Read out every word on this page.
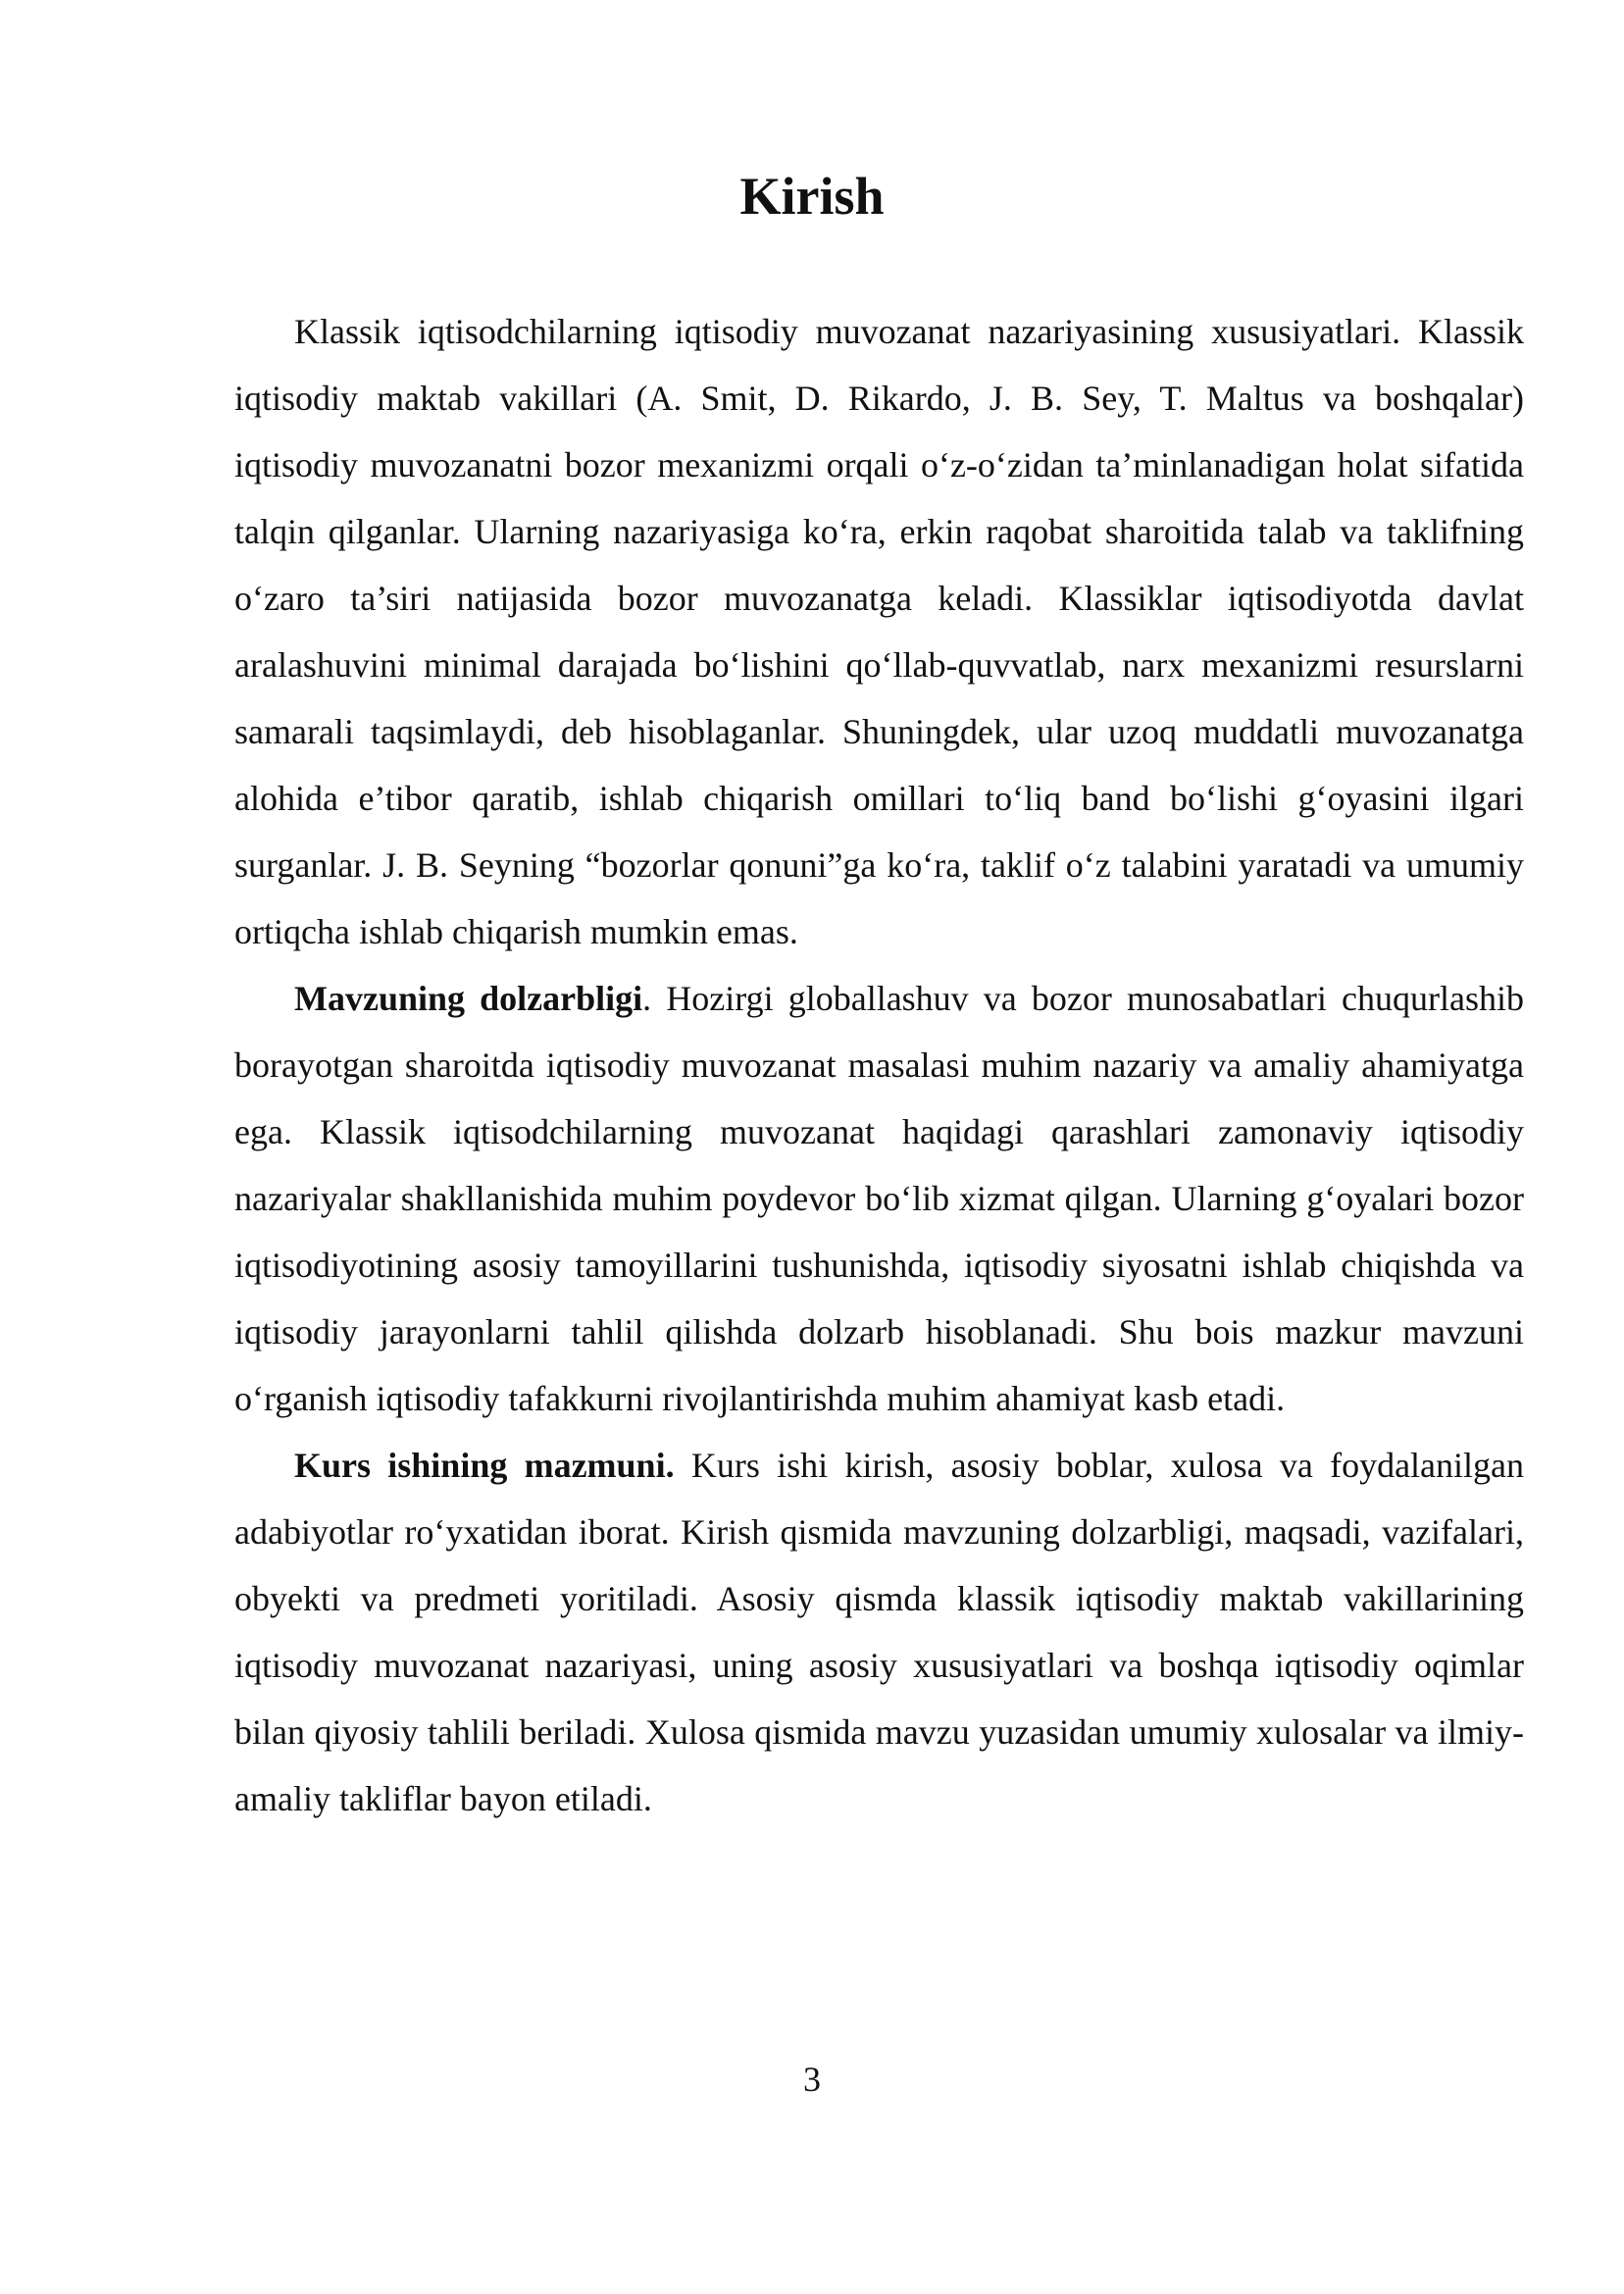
Kirish

Klassik iqtisodchilarning iqtisodiy muvozanat nazariyasining xususiyatlari. Klassik iqtisodiy maktab vakillari (A. Smit, D. Rikardo, J. B. Sey, T. Maltus va boshqalar) iqtisodiy muvozanatni bozor mexanizmi orqali o‘z-o‘zidan ta’minlanadigan holat sifatida talqin qilganlar. Ularning nazariyasiga ko‘ra, erkin raqobat sharoitida talab va taklifning o‘zaro ta’siri natijasida bozor muvozanatga keladi. Klassiklar iqtisodiyotda davlat aralashuvini minimal darajada bo‘lishini qo‘llab-quvvatlab, narx mexanizmi resurslarni samarali taqsimlaydi, deb hisoblaganlar. Shuningdek, ular uzoq muddatli muvozanatga alohida e’tibor qaratib, ishlab chiqarish omillari to‘liq band bo‘lishi g‘oyasini ilgari surganlar. J. B. Seyning “bozorlar qonuni”ga ko‘ra, taklif o‘z talabini yaratadi va umumiy ortiqcha ishlab chiqarish mumkin emas.

Mavzuning dolzarbligi. Hozirgi globallashuv va bozor munosabatlari chuqurlashib borayotgan sharoitda iqtisodiy muvozanat masalasi muhim nazariy va amaliy ahamiyatga ega. Klassik iqtisodchilarning muvozanat haqidagi qarashlari zamonaviy iqtisodiy nazariyalar shakllanishida muhim poydevor bo‘lib xizmat qilgan. Ularning g‘oyalari bozor iqtisodiyotining asosiy tamoyillarini tushunishda, iqtisodiy siyosatni ishlab chiqishda va iqtisodiy jarayonlarni tahlil qilishda dolzarb hisoblanadi. Shu bois mazkur mavzuni o‘rganish iqtisodiy tafakkurni rivojlantirishda muhim ahamiyat kasb etadi.

Kurs ishining mazmuni. Kurs ishi kirish, asosiy boblar, xulosa va foydalanilgan adabiyotlar ro‘yxatidan iborat. Kirish qismida mavzuning dolzarbligi, maqsadi, vazifalari, obyekti va predmeti yoritiladi. Asosiy qismda klassik iqtisodiy maktab vakillarining iqtisodiy muvozanat nazariyasi, uning asosiy xususiyatlari va boshqa iqtisodiy oqimlar bilan qiyosiy tahlili beriladi. Xulosa qismida mavzu yuzasidan umumiy xulosalar va ilmiy-amaliy takliflar bayon etiladi.

3
